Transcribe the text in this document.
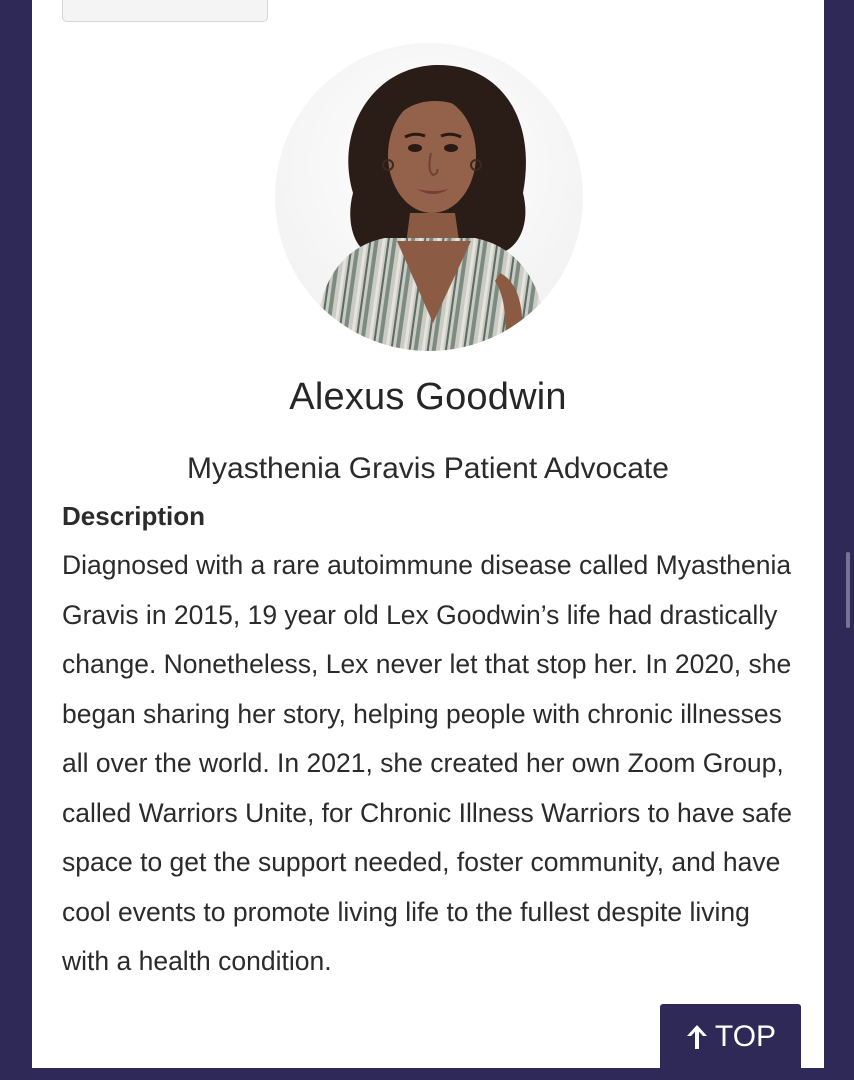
Alexus Goodwin
Myasthenia Gravis Patient Advocate
Description
Diagnosed with a rare autoimmune disease called Myasthenia Gravis in 2015, 19 year old Lex Goodwin’s life had drastically change. Nonetheless, Lex never let that stop her. In 2020, she began sharing her story, helping people with chronic illnesses all over the world. In 2021, she created her own Zoom Group, called Warriors Unite, for Chronic Illness Warriors to have safe space to get the support needed, foster community, and have cool events to promote living life to the fullest despite living with a health condition.
TOP
